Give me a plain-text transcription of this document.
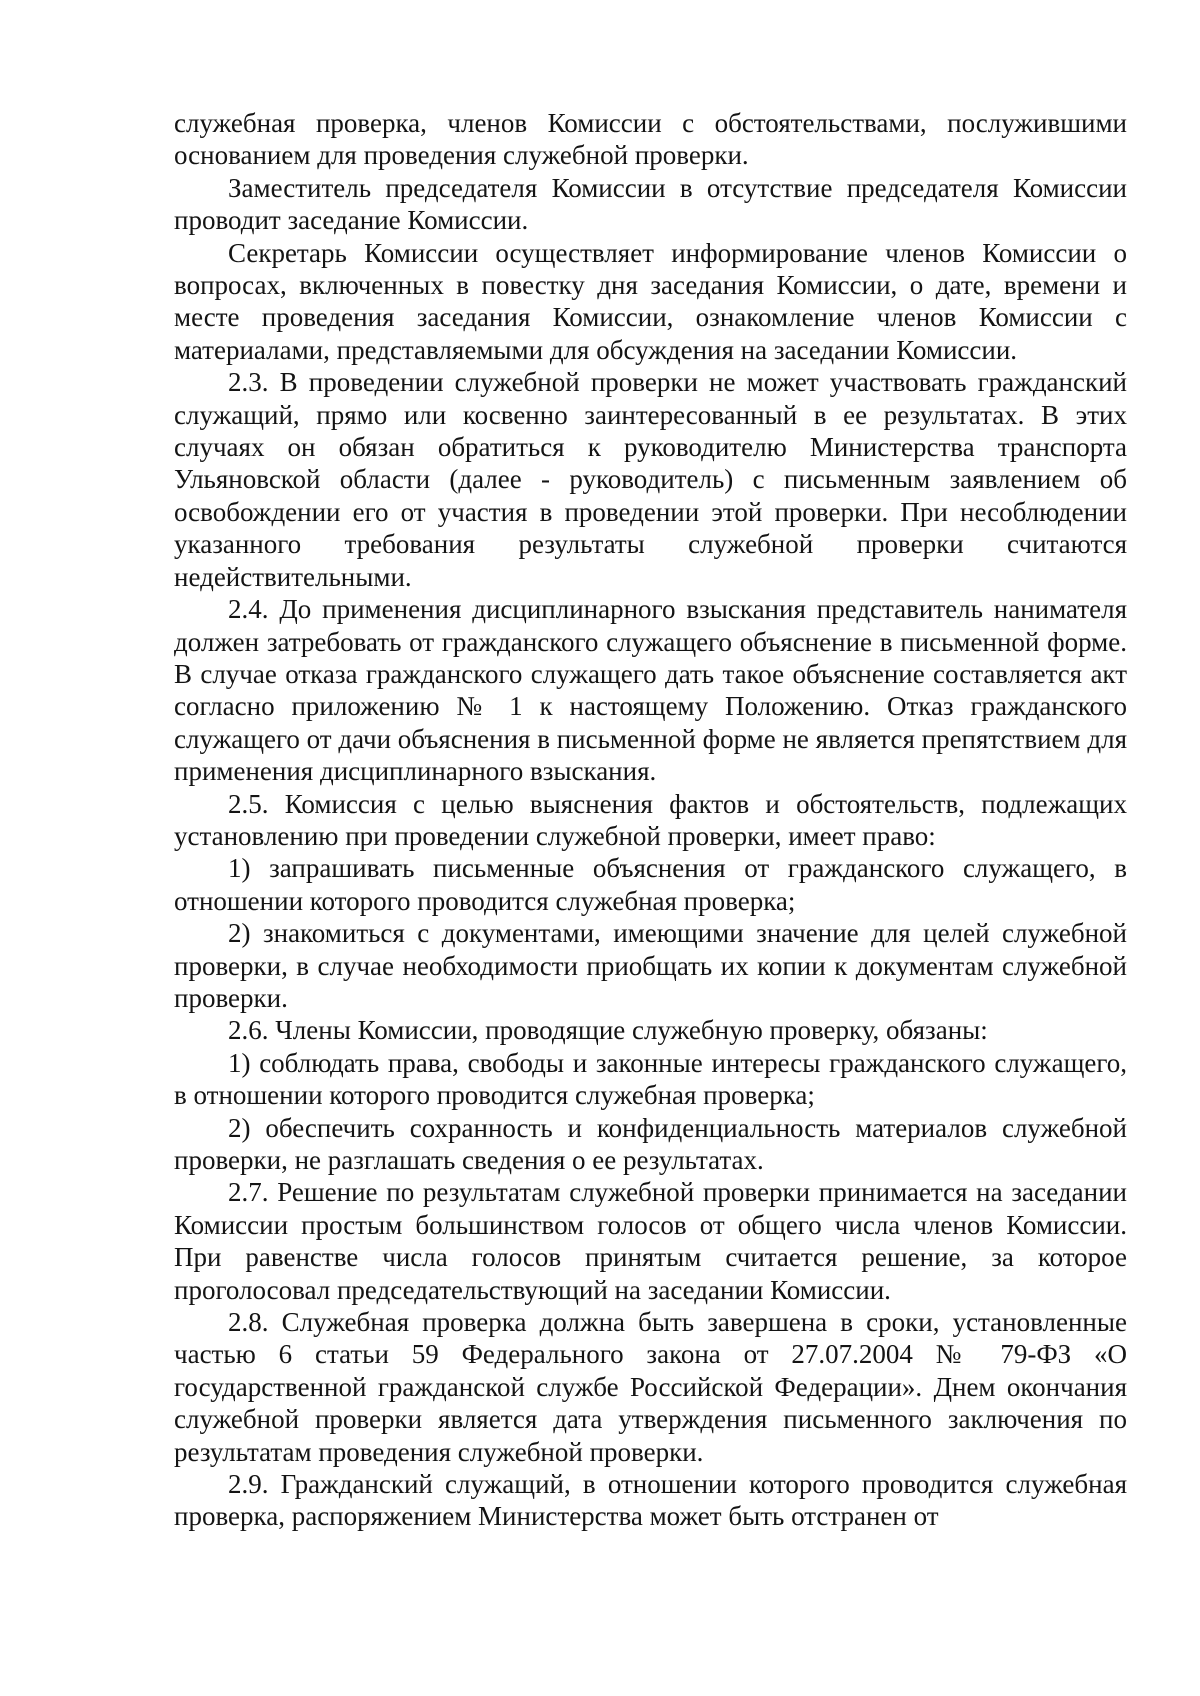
служебная проверка, членов Комиссии с обстоятельствами, послужившими основанием для проведения служебной проверки.

Заместитель председателя Комиссии в отсутствие председателя Комиссии проводит заседание Комиссии.

Секретарь Комиссии осуществляет информирование членов Комиссии о вопросах, включенных в повестку дня заседания Комиссии, о дате, времени и месте проведения заседания Комиссии, ознакомление членов Комиссии с материалами, представляемыми для обсуждения на заседании Комиссии.

2.3. В проведении служебной проверки не может участвовать гражданский служащий, прямо или косвенно заинтересованный в ее результатах. В этих случаях он обязан обратиться к руководителю Министерства транспорта Ульяновской области (далее - руководитель) с письменным заявлением об освобождении его от участия в проведении этой проверки. При несоблюдении указанного требования результаты служебной проверки считаются недействительными.

2.4. До применения дисциплинарного взыскания представитель нанимателя должен затребовать от гражданского служащего объяснение в письменной форме. В случае отказа гражданского служащего дать такое объяснение составляется акт согласно приложению № 1 к настоящему Положению. Отказ гражданского служащего от дачи объяснения в письменной форме не является препятствием для применения дисциплинарного взыскания.

2.5. Комиссия с целью выяснения фактов и обстоятельств, подлежащих установлению при проведении служебной проверки, имеет право:

1) запрашивать письменные объяснения от гражданского служащего, в отношении которого проводится служебная проверка;

2) знакомиться с документами, имеющими значение для целей служебной проверки, в случае необходимости приобщать их копии к документам служебной проверки.

2.6. Члены Комиссии, проводящие служебную проверку, обязаны:

1) соблюдать права, свободы и законные интересы гражданского служащего, в отношении которого проводится служебная проверка;

2) обеспечить сохранность и конфиденциальность материалов служебной проверки, не разглашать сведения о ее результатах.

2.7. Решение по результатам служебной проверки принимается на заседании Комиссии простым большинством голосов от общего числа членов Комиссии. При равенстве числа голосов принятым считается решение, за которое проголосовал председательствующий на заседании Комиссии.

2.8. Служебная проверка должна быть завершена в сроки, установленные частью 6 статьи 59 Федерального закона от 27.07.2004 № 79-ФЗ «О государственной гражданской службе Российской Федерации». Днем окончания служебной проверки является дата утверждения письменного заключения по результатам проведения служебной проверки.

2.9. Гражданский служащий, в отношении которого проводится служебная проверка, распоряжением Министерства может быть отстранен от
